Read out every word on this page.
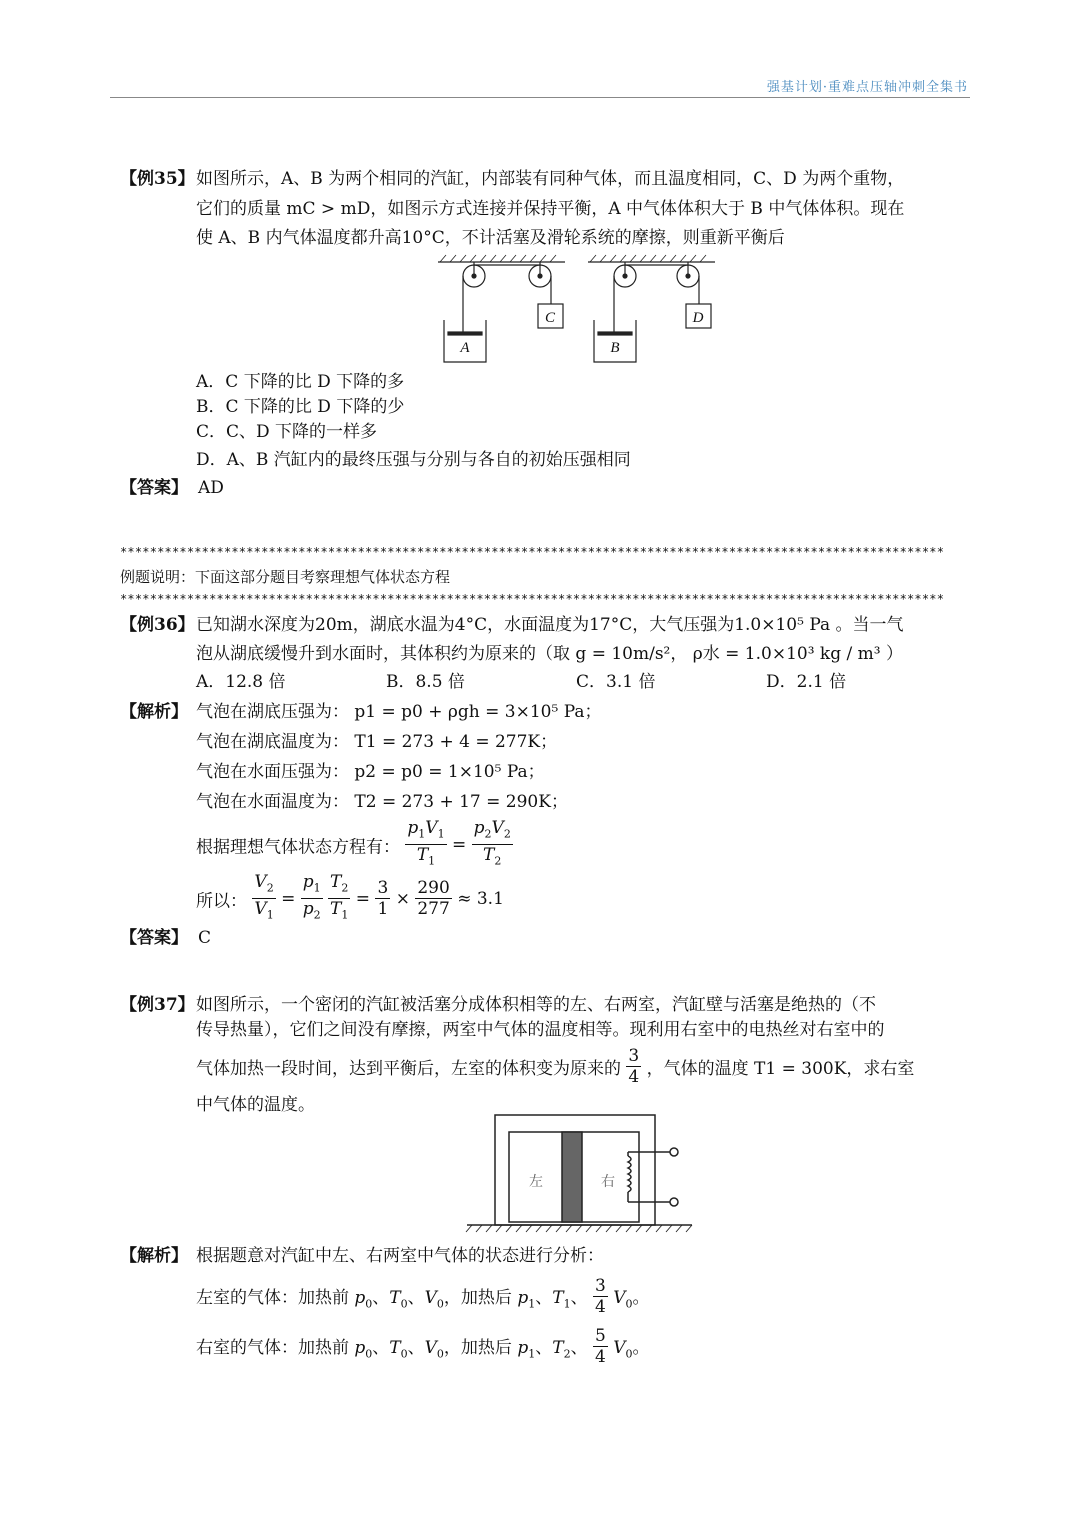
强基计划·重难点压轴冲刺全集书
【例35】 如图所示，A、B 为两个相同的汽缸，内部装有同种气体，而且温度相同，C、D 为两个重物，
它们的质量 mC > mD，如图示方式连接并保持平衡，A 中气体体积大于 B 中气体体积。现在
使 A、B 内气体温度都升高10°C，不计活塞及滑轮系统的摩擦，则重新平衡后
A
C
B
D
A．C 下降的比 D 下降的多
B．C 下降的比 D 下降的少
C．C、D 下降的一样多
D．A、B 汽缸内的最终压强与分别与各自的初始压强相同
【答案】 AD
***************************************************************************************************************
例题说明：下面这部分题目考察理想气体状态方程
***************************************************************************************************************
【例36】 已知湖水深度为20m，湖底水温为4°C，水面温度为17°C，大气压强为1.0×10⁵ Pa 。当一气
泡从湖底缓慢升到水面时，其体积约为原来的（取 g = 10m/s²， ρ水 = 1.0×10³ kg / m³ ）
A．12.8 倍	B．8.5 倍	C．3.1 倍	D．2.1 倍
【解析】 气泡在湖底压强为： p1 = p0 + ρgh = 3×10⁵ Pa；
气泡在湖底温度为： T1 = 273 + 4 = 277K；
气泡在水面压强为： p2 = p0 = 1×10⁵ Pa；
气泡在水面温度为： T2 = 273 + 17 = 290K；
根据理想气体状态方程有： $\frac{p_1V_1}{T_1} = \frac{p_2V_2}{T_2}$
所以： $\frac{V_2}{V_1} = \frac{p_1}{p_2}$
$\frac{T_2}{T_1} = \frac{3}{1} \times \frac{290}{277} \approx 3.1$
【答案】 C
【例37】 如图所示，一个密闭的汽缸被活塞分成体积相等的左、右两室，汽缸壁与活塞是绝热的（不
传导热量），它们之间没有摩擦，两室中气体的温度相等。现利用右室中的电热丝对右室中的
气体加热一段时间，达到平衡后，左室的体积变为原来的 $\frac{3}{4}$ ，气体的温度 T1 = 300K，求右室
中气体的温度。
左	右
【解析】 根据题意对汽缸中左、右两室中气体的状态进行分析：
左室的气体：加热前 $p_0$、$T_0$、$V_0$，加热后 $p_1$、$T_1$、 $\frac{3}{4} V_0$。
右室的气体：加热前 $p_0$、$T_0$、$V_0$，加热后 $p_1$、$T_2$、 $\frac{5}{4} V_0$。
